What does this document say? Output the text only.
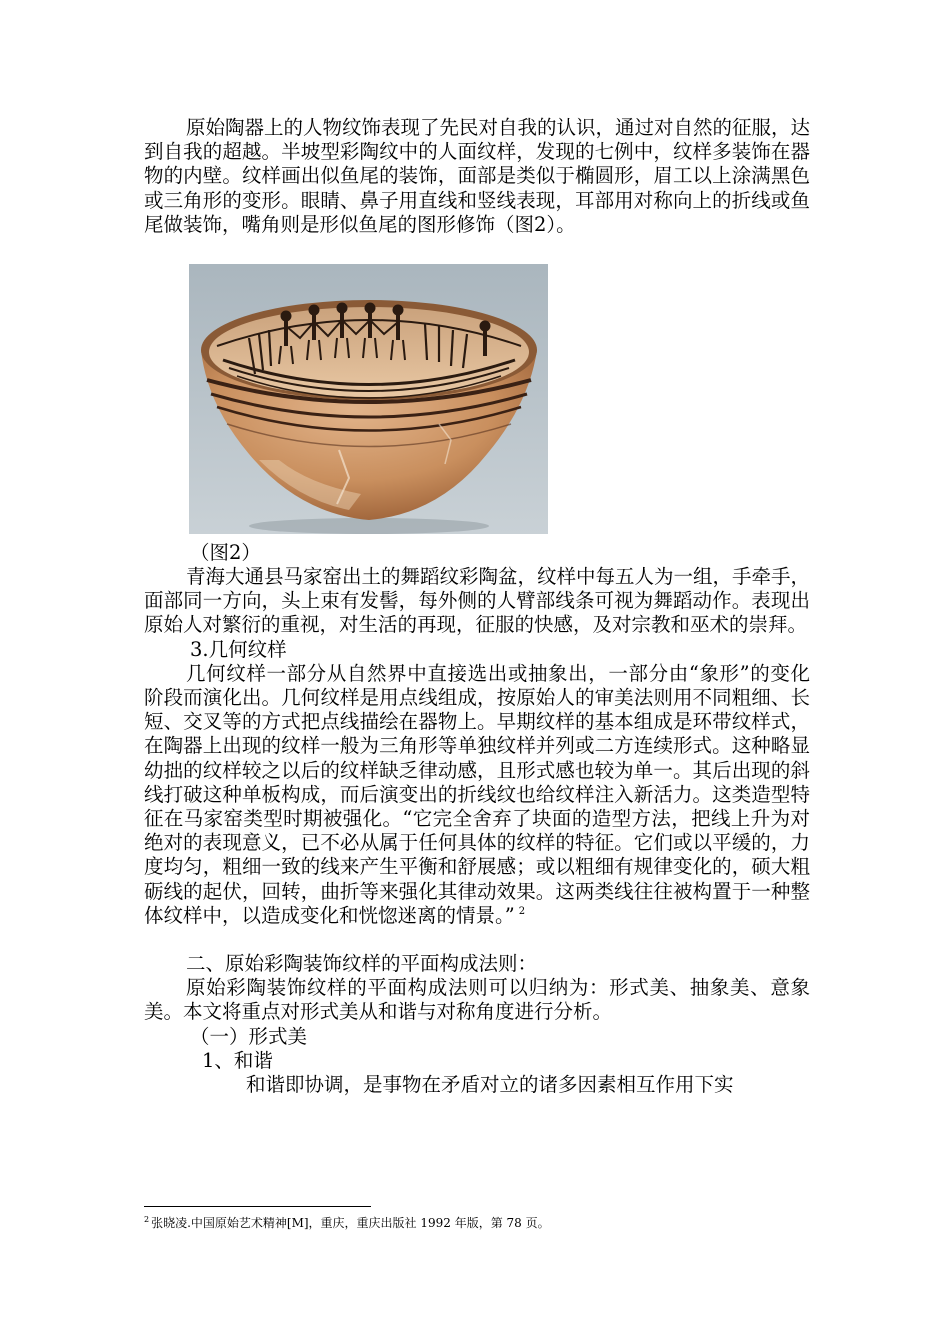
原始陶器上的人物纹饰表现了先民对自我的认识，通过对自然的征服，达到自我的超越。半坡型彩陶纹中的人面纹样，发现的七例中，纹样多装饰在器物的内壁。纹样画出似鱼尾的装饰，面部是类似于椭圆形，眉工以上涂满黑色或三角形的变形。眼睛、鼻子用直线和竖线表现，耳部用对称向上的折线或鱼尾做装饰，嘴角则是形似鱼尾的图形修饰（图2）。

（图2）

青海大通县马家窑出土的舞蹈纹彩陶盆，纹样中每五人为一组，手牵手，面部同一方向，头上束有发髻，每外侧的人臂部线条可视为舞蹈动作。表现出原始人对繁衍的重视，对生活的再现，征服的快感，及对宗教和巫术的崇拜。

3.几何纹样

几何纹样一部分从自然界中直接选出或抽象出，一部分由“象形”的变化阶段而演化出。几何纹样是用点线组成，按原始人的审美法则用不同粗细、长短、交叉等的方式把点线描绘在器物上。早期纹样的基本组成是环带纹样式，在陶器上出现的纹样一般为三角形等单独纹样并列或二方连续形式。这种略显幼拙的纹样较之以后的纹样缺乏律动感，且形式感也较为单一。其后出现的斜线打破这种单板构成，而后演变出的折线纹也给纹样注入新活力。这类造型特征在马家窑类型时期被强化。“它完全舍弃了块面的造型方法，把线上升为对绝对的表现意义，已不必从属于任何具体的纹样的特征。它们或以平缓的，力度均匀，粗细一致的线来产生平衡和舒展感；或以粗细有规律变化的，硕大粗砺线的起伏，回转，曲折等来强化其律动效果。这两类线往往被构置于一种整体纹样中，以造成变化和恍惚迷离的情景。” $^2$

二、原始彩陶装饰纹样的平面构成法则：

原始彩陶装饰纹样的平面构成法则可以归纳为：形式美、抽象美、意象美。本文将重点对形式美从和谐与对称角度进行分析。

（一）形式美

1、和谐

和谐即协调，是事物在矛盾对立的诸多因素相互作用下实

$^2$ 张晓凌.中国原始艺术精神[M]，重庆，重庆出版社 1992 年版，第 78 页。
